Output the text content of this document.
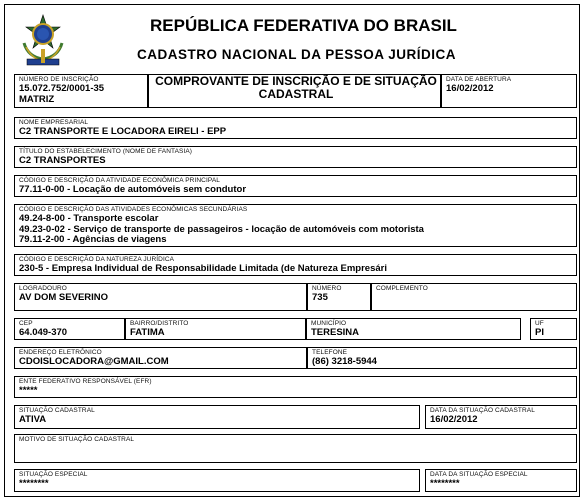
REPÚBLICA FEDERATIVA DO BRASIL
CADASTRO NACIONAL DA PESSOA JURÍDICA
NÚMERO DE INSCRIÇÃO
15.072.752/0001-35
MATRIZ
COMPROVANTE DE INSCRIÇÃO E DE SITUAÇÃO
CADASTRAL
DATA DE ABERTURA
16/02/2012
NOME EMPRESARIAL
C2 TRANSPORTE E LOCADORA EIRELI - EPP
TÍTULO DO ESTABELECIMENTO (NOME DE FANTASIA)
C2 TRANSPORTES
CÓDIGO E DESCRIÇÃO DA ATIVIDADE ECONÔMICA PRINCIPAL
77.11-0-00 - Locação de automóveis sem condutor
CÓDIGO E DESCRIÇÃO DAS ATIVIDADES ECONÔMICAS SECUNDÁRIAS
49.24-8-00 - Transporte escolar
49.23-0-02 - Serviço de transporte de passageiros - locação de automóveis com motorista
79.11-2-00 - Agências de viagens
CÓDIGO E DESCRIÇÃO DA NATUREZA JURÍDICA
230-5 - Empresa Individual de Responsabilidade Limitada (de Natureza Empresári
LOGRADOURO
AV DOM SEVERINO
NÚMERO
735
COMPLEMENTO
CEP
64.049-370
BAIRRO/DISTRITO
FATIMA
MUNICÍPIO
TERESINA
UF
PI
ENDEREÇO ELETRÔNICO
CDOISLOCADORA@GMAIL.COM
TELEFONE
(86) 3218-5944
ENTE FEDERATIVO RESPONSÁVEL (EFR)
*****
SITUAÇÃO CADASTRAL
ATIVA
DATA DA SITUAÇÃO CADASTRAL
16/02/2012
MOTIVO DE SITUAÇÃO CADASTRAL
SITUAÇÃO ESPECIAL
********
DATA DA SITUAÇÃO ESPECIAL
********
